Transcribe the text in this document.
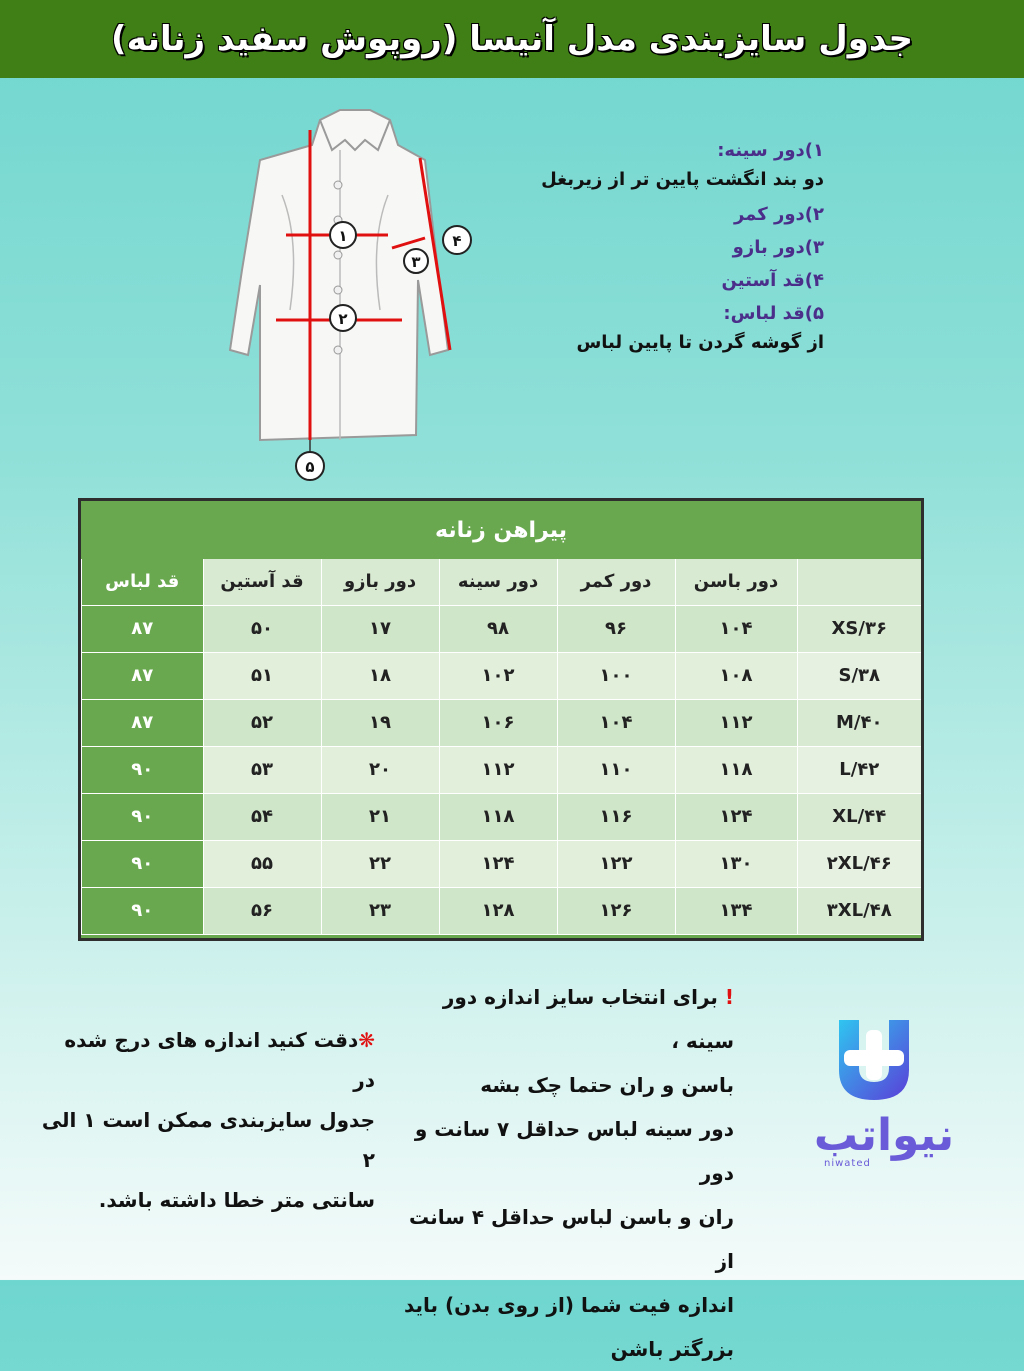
جدول سایزبندی مدل آنیسا (روپوش سفید زنانه)
۱
۲
۳
۴
۵
۱)دور سینه:
دو بند انگشت پایین تر از زیربغل
۲)دور کمر
۳)دور بازو
۴)قد آستین
۵)قد لباس:
از گوشه گردن تا پایین لباس
پیراهن زنانه
	دور باسن	دور کمر	دور سینه	دور بازو	قد آستین	قد لباس
XS/۳۶	۱۰۴	۹۶	۹۸	۱۷	۵۰	۸۷
S/۳۸	۱۰۸	۱۰۰	۱۰۲	۱۸	۵۱	۸۷
M/۴۰	۱۱۲	۱۰۴	۱۰۶	۱۹	۵۲	۸۷
L/۴۲	۱۱۸	۱۱۰	۱۱۲	۲۰	۵۳	۹۰
XL/۴۴	۱۲۴	۱۱۶	۱۱۸	۲۱	۵۴	۹۰
۲XL/۴۶	۱۳۰	۱۲۲	۱۲۴	۲۲	۵۵	۹۰
۳XL/۴۸	۱۳۴	۱۲۶	۱۲۸	۲۳	۵۶	۹۰

! برای انتخاب سایز اندازه دور سینه ،

باسن و ران حتما چک بشه

دور سینه لباس حداقل ۷ سانت و دور

ران و باسن لباس حداقل ۴ سانت از

اندازه فیت شما (از روی بدن) باید

بزرگتر باشن

❋دقت کنید اندازه های درج شده در

جدول سایزبندی ممکن است ۱ الی ۲

سانتی متر خطا داشته باشد.

نیواتب
niwated
